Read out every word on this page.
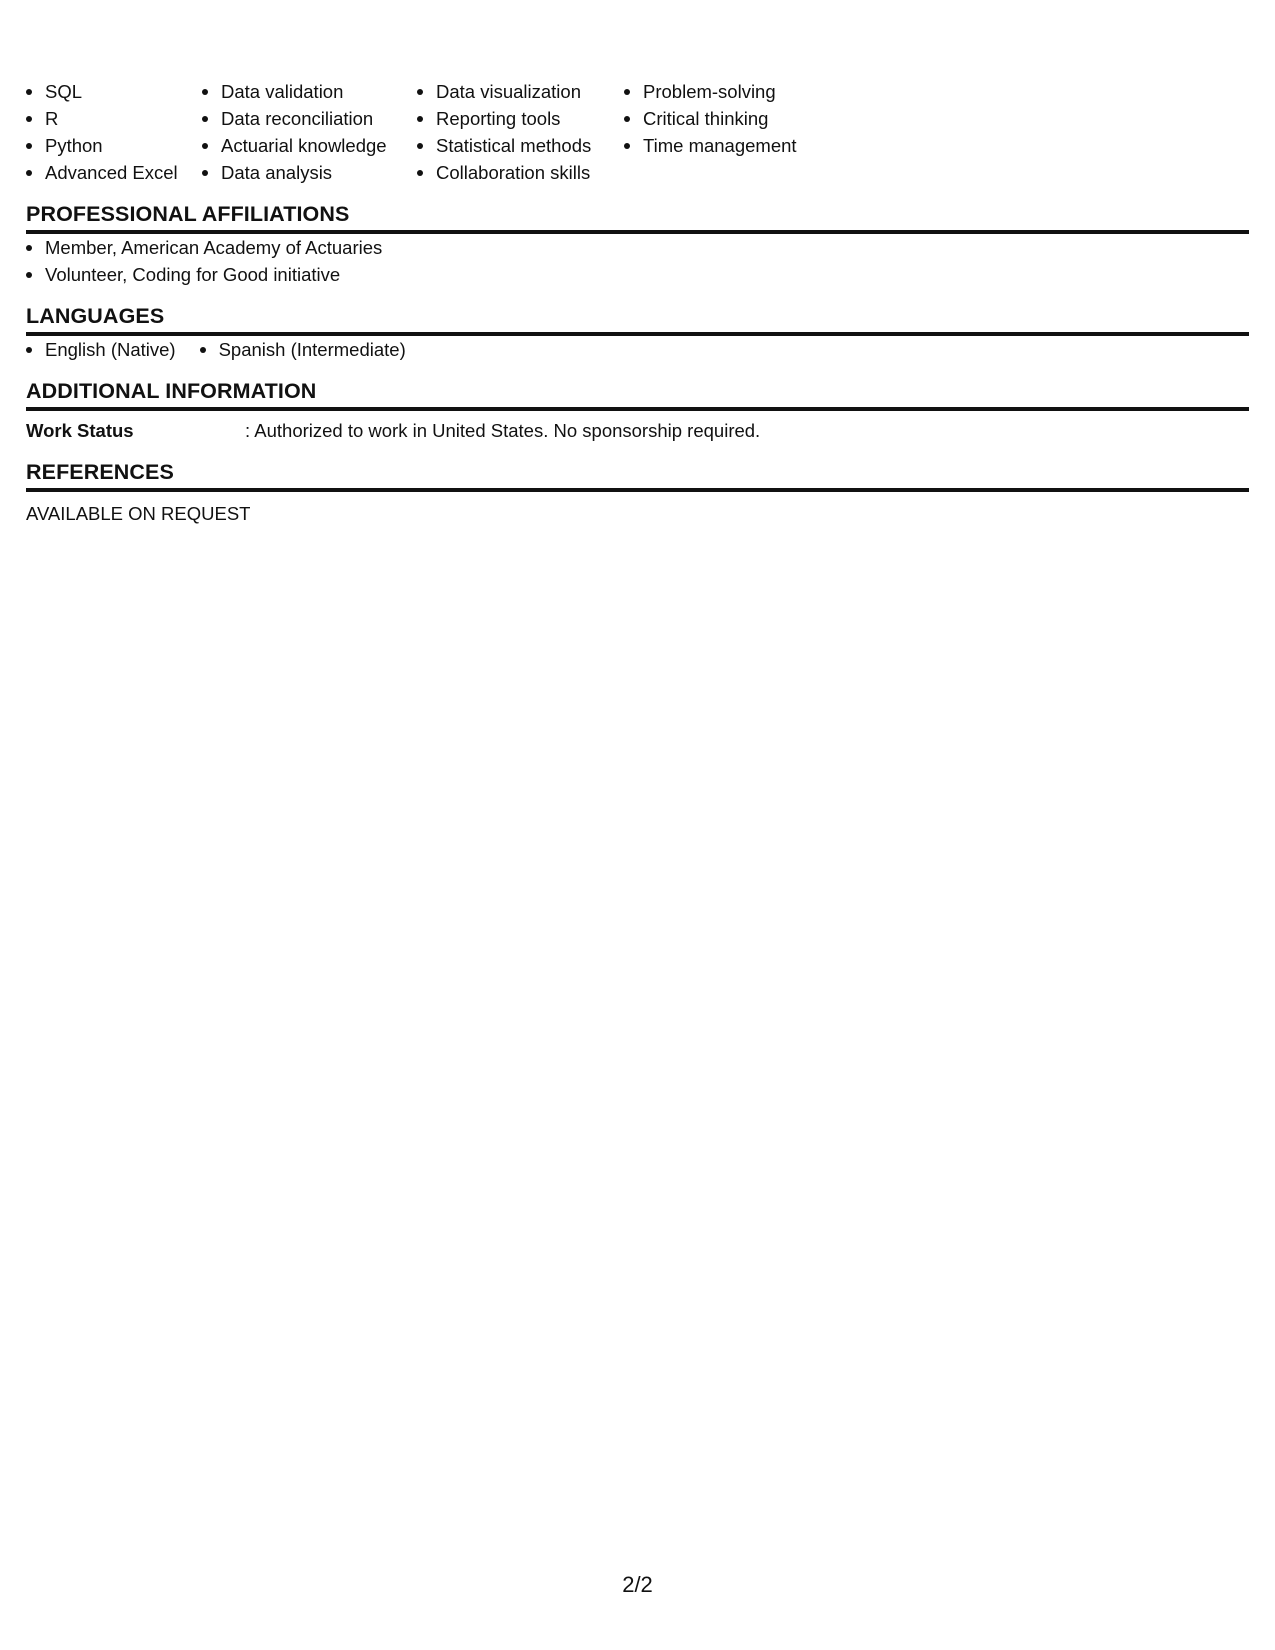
SQL
R
Python
Advanced Excel
Data validation
Data reconciliation
Actuarial knowledge
Data analysis
Data visualization
Reporting tools
Statistical methods
Collaboration skills
Problem-solving
Critical thinking
Time management
PROFESSIONAL AFFILIATIONS
Member, American Academy of Actuaries
Volunteer, Coding for Good initiative
LANGUAGES
English (Native)	Spanish (Intermediate)
ADDITIONAL INFORMATION
Work Status	: Authorized to work in United States. No sponsorship required.
REFERENCES
AVAILABLE ON REQUEST
2/2
